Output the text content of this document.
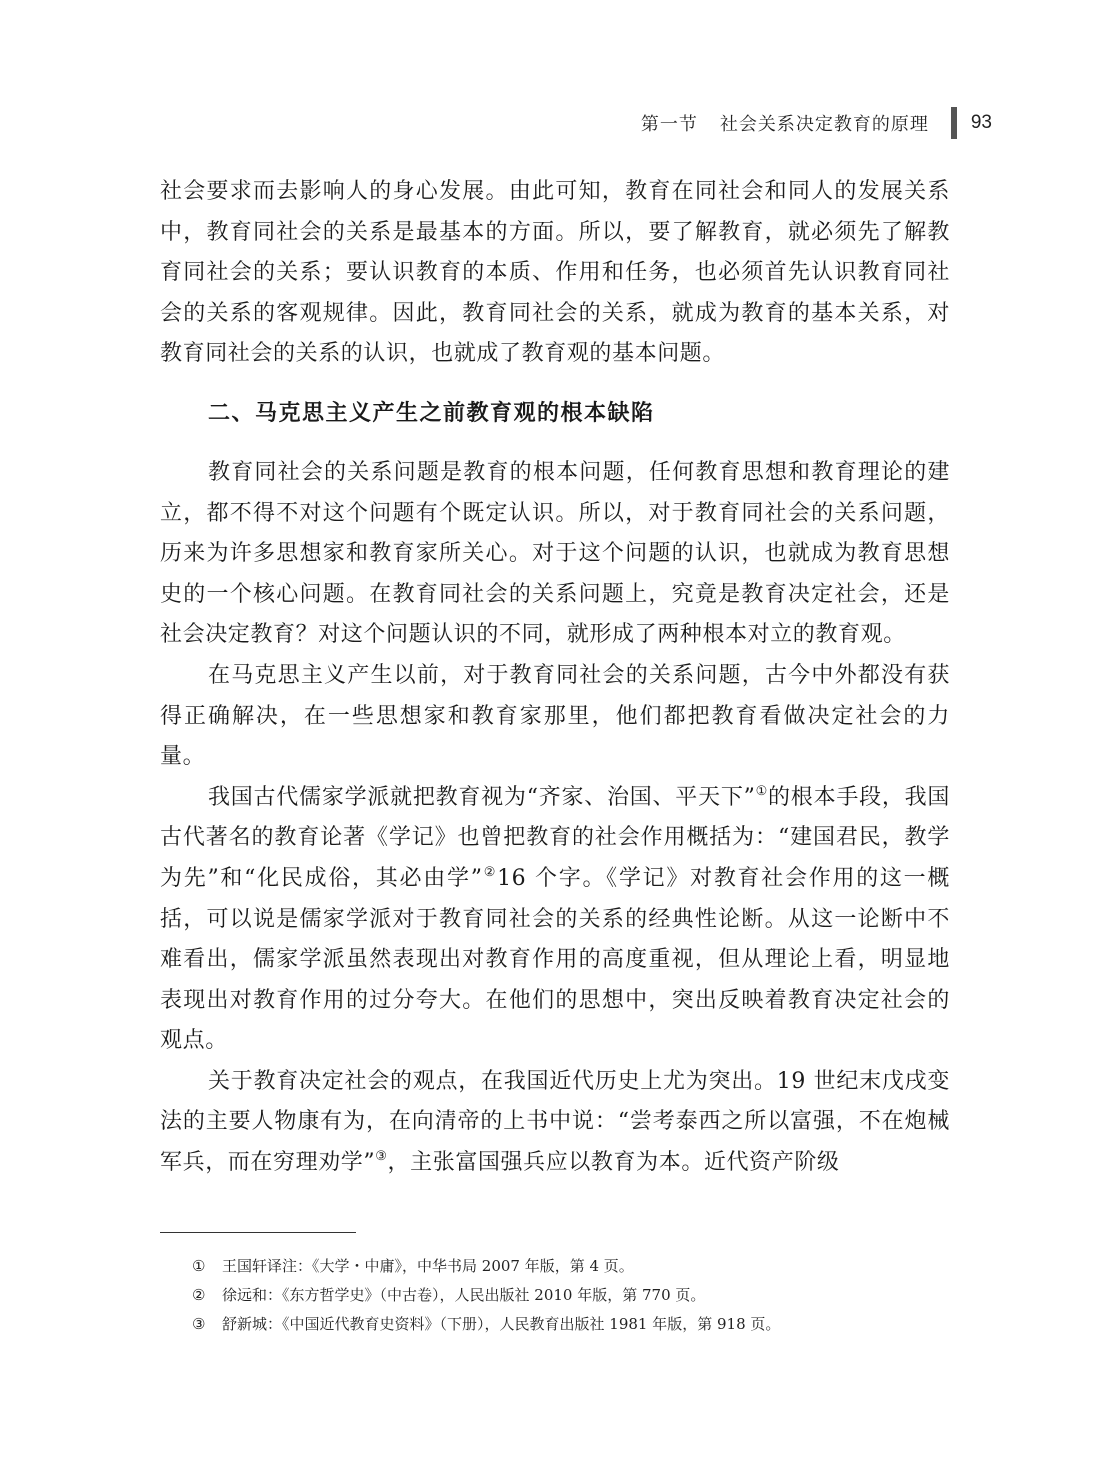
第一节 社会关系决定教育的原理 93

社会要求而去影响人的身心发展。由此可知，教育在同社会和同人的发展关系中，教育同社会的关系是最基本的方面。所以，要了解教育，就必须先了解教育同社会的关系；要认识教育的本质、作用和任务，也必须首先认识教育同社会的关系的客观规律。因此，教育同社会的关系，就成为教育的基本关系，对教育同社会的关系的认识，也就成了教育观的基本问题。

二、马克思主义产生之前教育观的根本缺陷

教育同社会的关系问题是教育的根本问题，任何教育思想和教育理论的建立，都不得不对这个问题有个既定认识。所以，对于教育同社会的关系问题，历来为许多思想家和教育家所关心。对于这个问题的认识，也就成为教育思想史的一个核心问题。在教育同社会的关系问题上，究竟是教育决定社会，还是社会决定教育？对这个问题认识的不同，就形成了两种根本对立的教育观。

在马克思主义产生以前，对于教育同社会的关系问题，古今中外都没有获得正确解决，在一些思想家和教育家那里，他们都把教育看做决定社会的力量。

我国古代儒家学派就把教育视为“齐家、治国、平天下”①的根本手段，我国古代著名的教育论著《学记》也曾把教育的社会作用概括为：“建国君民，教学为先”和“化民成俗，其必由学”②16 个字。《学记》对教育社会作用的这一概括，可以说是儒家学派对于教育同社会的关系的经典性论断。从这一论断中不难看出，儒家学派虽然表现出对教育作用的高度重视，但从理论上看，明显地表现出对教育作用的过分夸大。在他们的思想中，突出反映着教育决定社会的观点。

关于教育决定社会的观点，在我国近代历史上尤为突出。19 世纪末戊戌变法的主要人物康有为，在向清帝的上书中说：“尝考泰西之所以富强，不在炮械军兵，而在穷理劝学”③，主张富国强兵应以教育为本。近代资产阶级

①	王国轩译注：《大学・中庸》，中华书局 2007 年版，第 4 页。
②	徐远和：《东方哲学史》（中古卷），人民出版社 2010 年版，第 770 页。
③	舒新城：《中国近代教育史资料》（下册），人民教育出版社 1981 年版，第 918 页。
